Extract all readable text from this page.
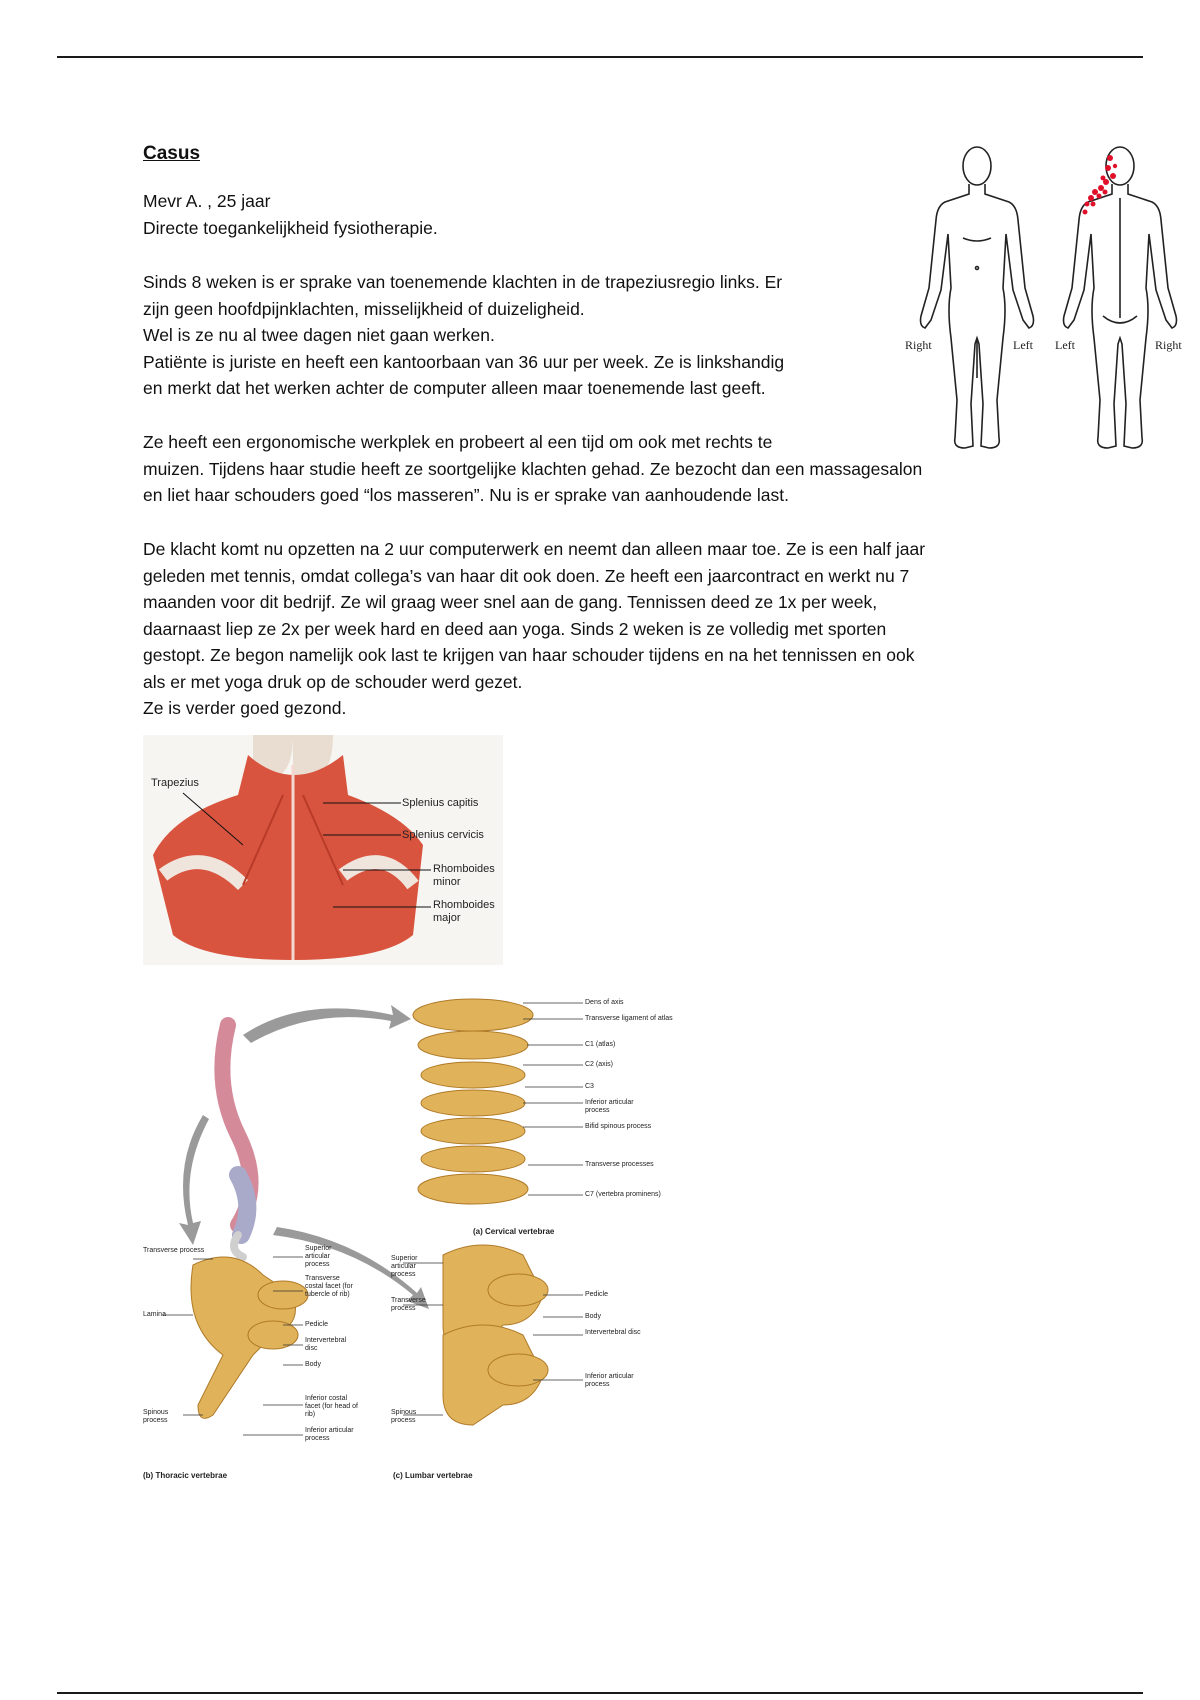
Casus

Mevr A. , 25 jaar
Directe toegankelijkheid fysiotherapie.

Sinds 8 weken is er sprake van toenemende klachten in de trapeziusregio links. Er
zijn geen hoofdpijnklachten, misselijkheid of duizeligheid.
Wel is ze nu al twee dagen niet gaan werken.
Patiënte is juriste en heeft een kantoorbaan van 36 uur per week. Ze is linkshandig
en merkt dat het werken achter de computer alleen maar toenemende last geeft.

Ze heeft een ergonomische werkplek en probeert al een tijd om ook met rechts te
muizen. Tijdens haar studie heeft ze soortgelijke klachten gehad. Ze bezocht dan een massagesalon
en liet haar schouders goed “los masseren”. Nu is er sprake van aanhoudende last.

De klacht komt nu opzetten na 2 uur computerwerk en neemt dan alleen maar toe. Ze is een half jaar
geleden met tennis, omdat collega’s van haar dit ook doen. Ze heeft een jaarcontract en werkt nu 7
maanden voor dit bedrijf. Ze wil graag weer snel aan de gang. Tennissen deed ze 1x per week,
daarnaast liep ze 2x per week hard en deed aan yoga. Sinds 2 weken is ze volledig met sporten
gestopt. Ze begon namelijk ook last te krijgen van haar schouder tijdens en na het tennissen en ook
als er met yoga druk op de schouder werd gezet.
Ze is verder goed gezond.

Right	Left Left	Right
Trapezius
Splenius capitis
Splenius cervicis
Rhomboides
minor
Rhomboides
major
Dens of axis
Transverse ligament of atlas
C1 (atlas)
C2 (axis)
C3
Inferior articular process
Bifid spinous process
Transverse processes
C7 (vertebra prominens)
(a) Cervical vertebrae
Transverse process	Superior articular process
Transverse costal facet (for tubercle of rib)
Lamina
Pedicle
Intervertebral disc
Body
Spinous process
Inferior costal facet (for head of rib)
Inferior articular process
(b) Thoracic vertebrae
Superior articular process
Transverse process
Pedicle
Body
Intervertebral disc
Inferior articular process
Spinous process
(c) Lumbar vertebrae
